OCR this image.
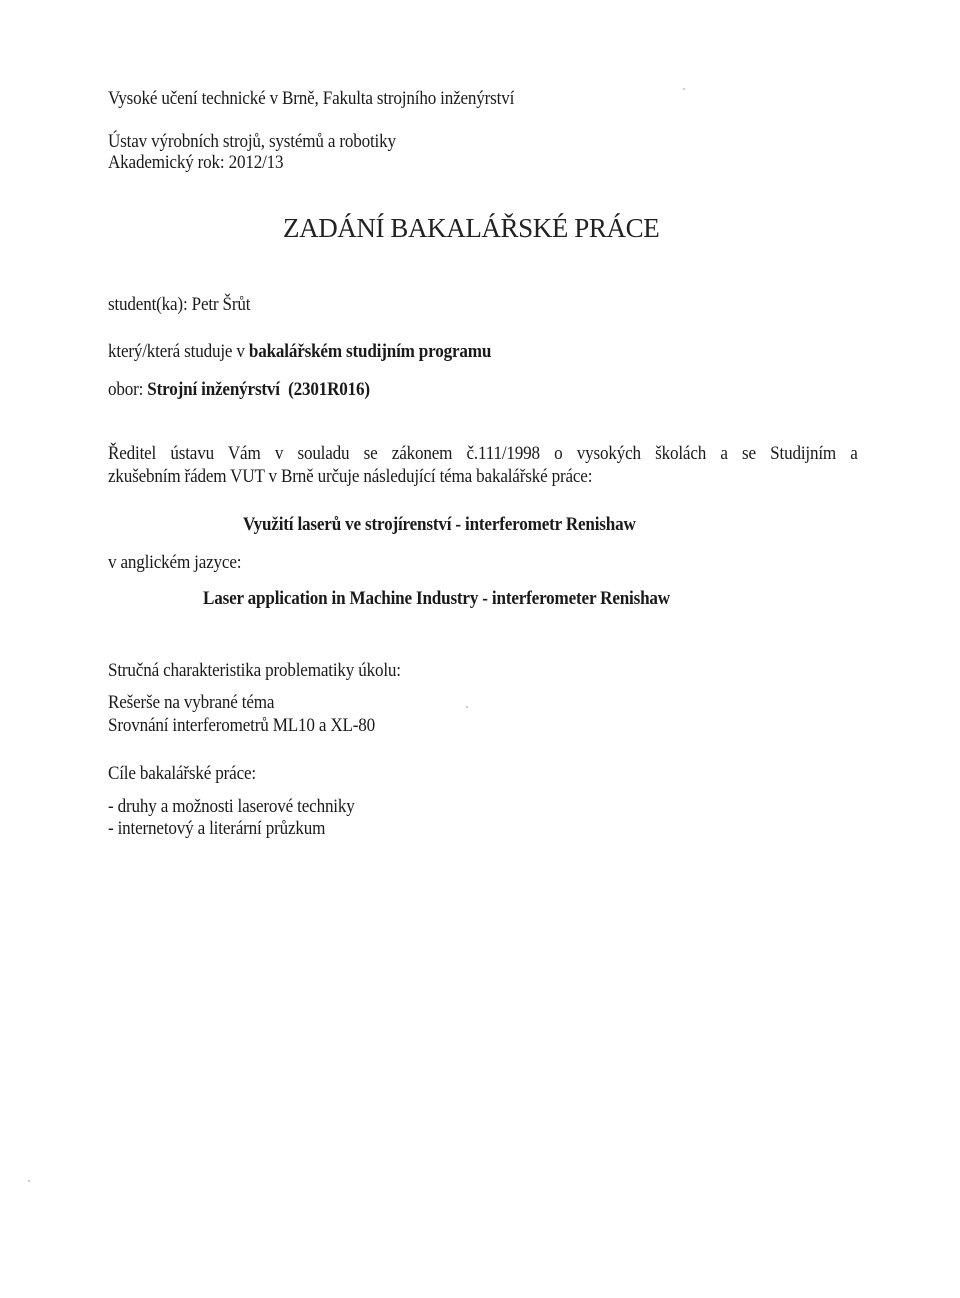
Vysoké učení technické v Brně, Fakulta strojního inženýrství
Ústav výrobních strojů, systémů a robotiky
Akademický rok: 2012/13
ZADÁNÍ BAKALÁŘSKÉ PRÁCE
student(ka): Petr Šrůt
který/která studuje v bakalářském studijním programu
obor: Strojní inženýrství (2301R016)
Ředitel ústavu Vám v souladu se zákonem č.111/1998 o vysokých školách a se Studijním a
zkušebním řádem VUT v Brně určuje následující téma bakalářské práce:
Využití laserů ve strojírenství - interferometr Renishaw
v anglickém jazyce:
Laser application in Machine Industry - interferometer Renishaw
Stručná charakteristika problematiky úkolu:
Rešerše na vybrané téma
Srovnání interferometrů ML10 a XL-80
Cíle bakalářské práce:
- druhy a možnosti laserové techniky
- internetový a literární průzkum
